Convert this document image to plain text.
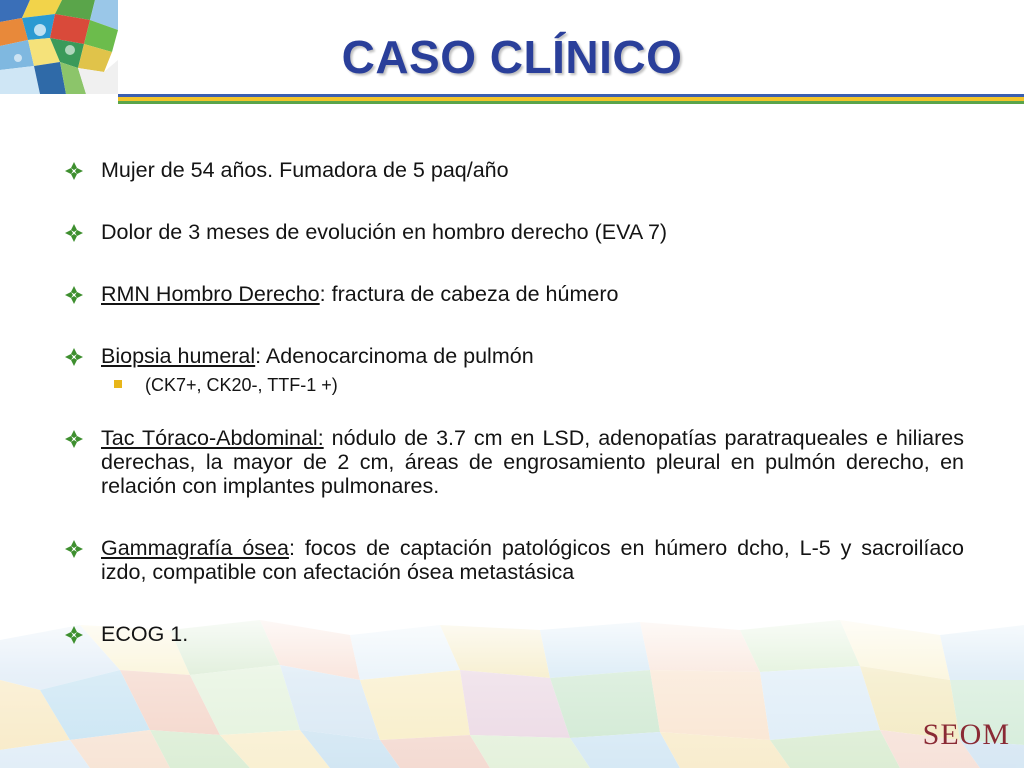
CASO CLÍNICO
Mujer de 54 años. Fumadora de 5 paq/año
Dolor de 3 meses de evolución en hombro derecho (EVA 7)
RMN Hombro Derecho: fractura de cabeza de húmero
Biopsia humeral: Adenocarcinoma de pulmón
(CK7+, CK20-, TTF-1 +)
Tac Tóraco-Abdominal: nódulo de 3.7 cm en LSD, adenopatías paratraqueales e hiliares derechas, la mayor de 2 cm, áreas de engrosamiento pleural en pulmón derecho, en relación con implantes pulmonares.
Gammagrafía ósea: focos de captación patológicos en húmero dcho, L-5 y sacroilíaco izdo, compatible con afectación ósea metastásica
ECOG 1.
SEOM
